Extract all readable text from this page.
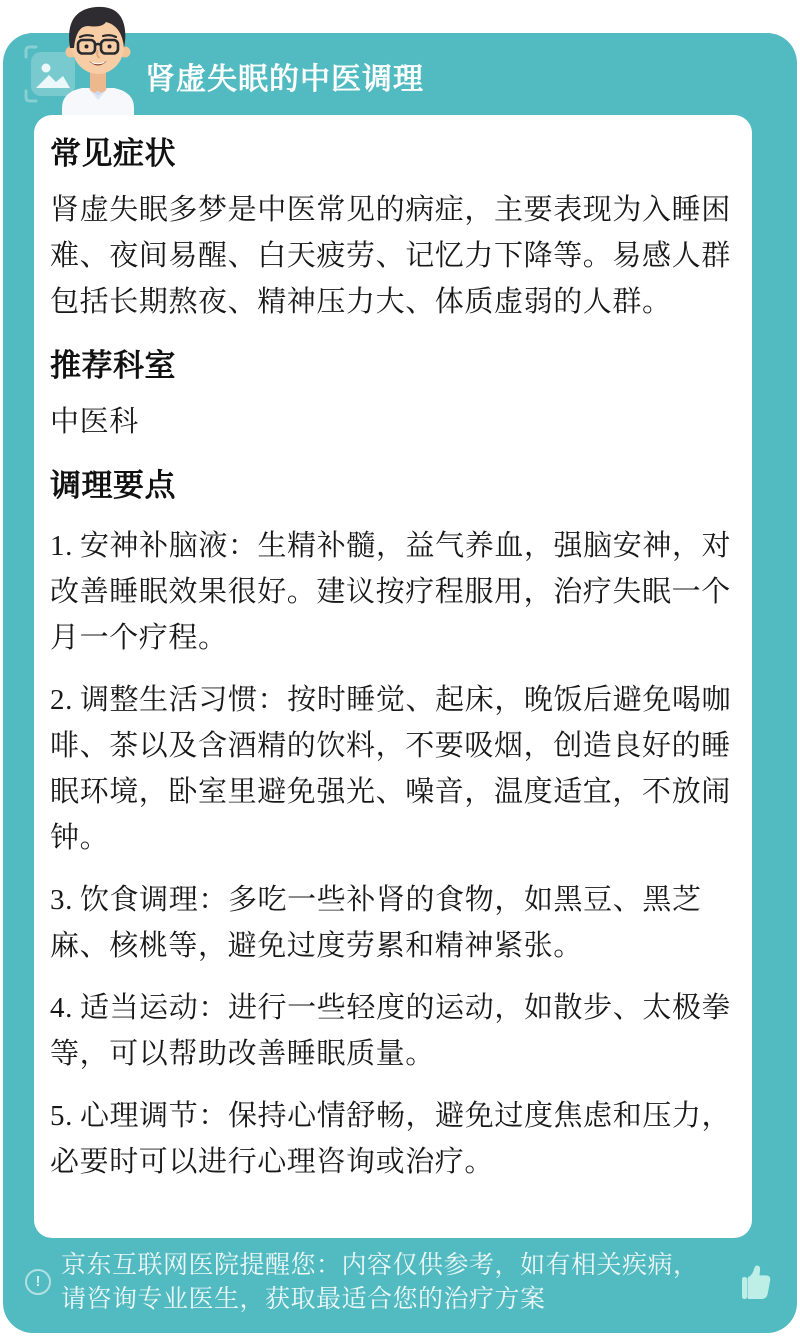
肾虚失眠的中医调理
!
京东互联网医院提醒您：内容仅供参考，如有相关疾病，请咨询专业医生，获取最适合您的治疗方案
常见症状

肾虚失眠多梦是中医常见的病症，主要表现为入睡困难、夜间易醒、白天疲劳、记忆力下降等。易感人群包括长期熬夜、精神压力大、体质虚弱的人群。

推荐科室

中医科

调理要点

1. 安神补脑液：生精补髓，益气养血，强脑安神，对改善睡眠效果很好。建议按疗程服用，治疗失眠一个月一个疗程。

2. 调整生活习惯：按时睡觉、起床，晚饭后避免喝咖啡、茶以及含酒精的饮料，不要吸烟，创造良好的睡眠环境，卧室里避免强光、噪音，温度适宜，不放闹钟。

3. 饮食调理：多吃一些补肾的食物，如黑豆、黑芝麻、核桃等，避免过度劳累和精神紧张。

4. 适当运动：进行一些轻度的运动，如散步、太极拳等，可以帮助改善睡眠质量。

5. 心理调节：保持心情舒畅，避免过度焦虑和压力，必要时可以进行心理咨询或治疗。
